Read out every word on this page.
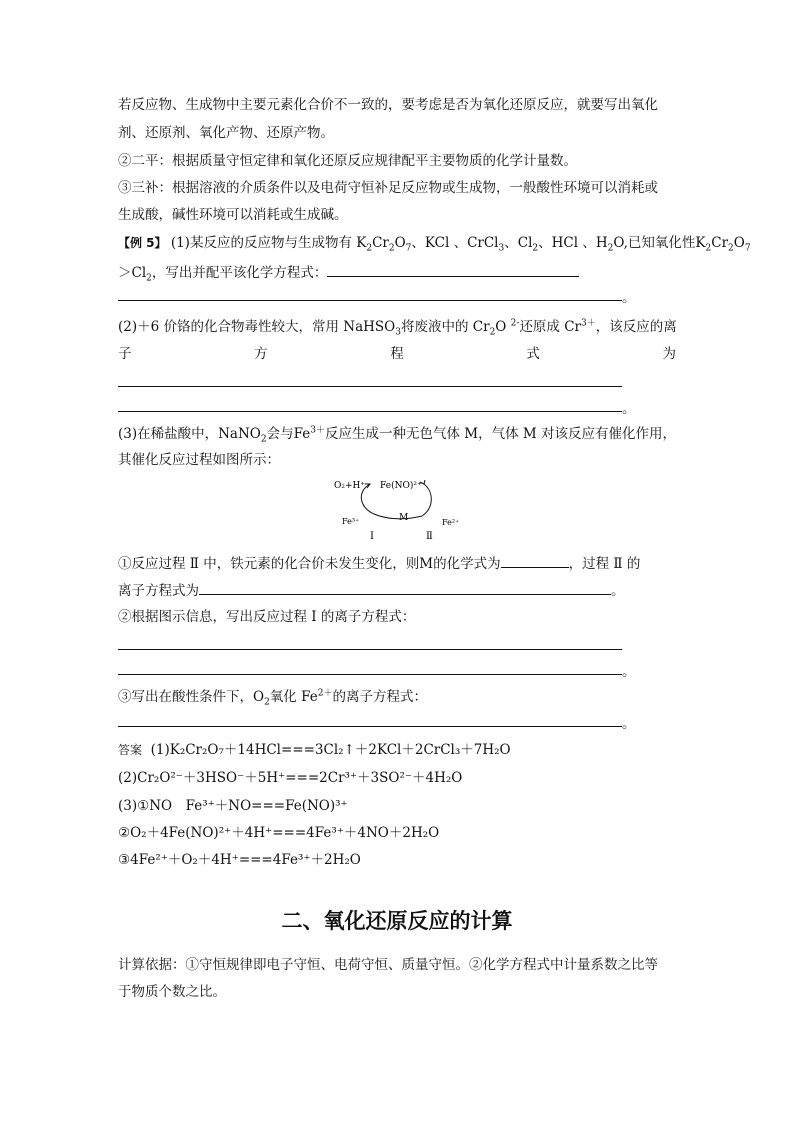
若反应物、生成物中主要元素化合价不一致的，要考虑是否为氧化还原反应，就要写出氧化
剂、还原剂、氧化产物、还原产物。
②二平：根据质量守恒定律和氧化还原反应规律配平主要物质的化学计量数。
③三补：根据溶液的介质条件以及电荷守恒补足反应物或生成物，一般酸性环境可以消耗或
生成酸，碱性环境可以消耗或生成碱。
【例 5】 (1)某反应的反应物与生成物有 $K_2Cr_2O_7$、KCl 、CrCl$_3$、$Cl_2$、HCl 、$H_2O$,已知氧化性$K_2Cr_2O_7$
$>Cl_2$，写出并配平该化学方程式：
。
(2)＋6 价铬的化合物毒性较大，常用 NaHSO$_3$将废液中的 $Cr_2O$ $^{2-}$还原成 $Cr^{3+}$，该反应的离
子	方	程	式	为
。
(3)在稀盐酸中，NaNO$_2$会与$Fe^{3+}$反应生成一种无色气体 M，气体 M 对该反应有催化作用，
其催化反应过程如图所示：
O₂+H⁺ Fe(NO)²⁺
Fe³⁺	M	Fe²⁺
Ⅰ	Ⅱ
①反应过程 Ⅱ 中，铁元素的化合价未发生变化，则M的化学式为	，过程 Ⅱ 的
离子方程式为	。
②根据图示信息，写出反应过程 Ⅰ 的离子方程式：
。
③写出在酸性条件下，$O_2$氧化 $Fe^{2+}$的离子方程式：
。
答案 (1)K₂Cr₂O₇＋14HCl===3Cl₂↑＋2KCl＋2CrCl₃＋7H₂O
(2)Cr₂O²⁻＋3HSO⁻＋5H⁺===2Cr³⁺＋3SO²⁻＋4H₂O
(3)①NO　Fe³⁺＋NO===Fe(NO)³⁺
②O₂＋4Fe(NO)²⁺＋4H⁺===4Fe³⁺＋4NO＋2H₂O
③4Fe²⁺＋O₂＋4H⁺===4Fe³⁺＋2H₂O
二、氧化还原反应的计算
计算依据：①守恒规律即电子守恒、电荷守恒、质量守恒。②化学方程式中计量系数之比等
于物质个数之比。
